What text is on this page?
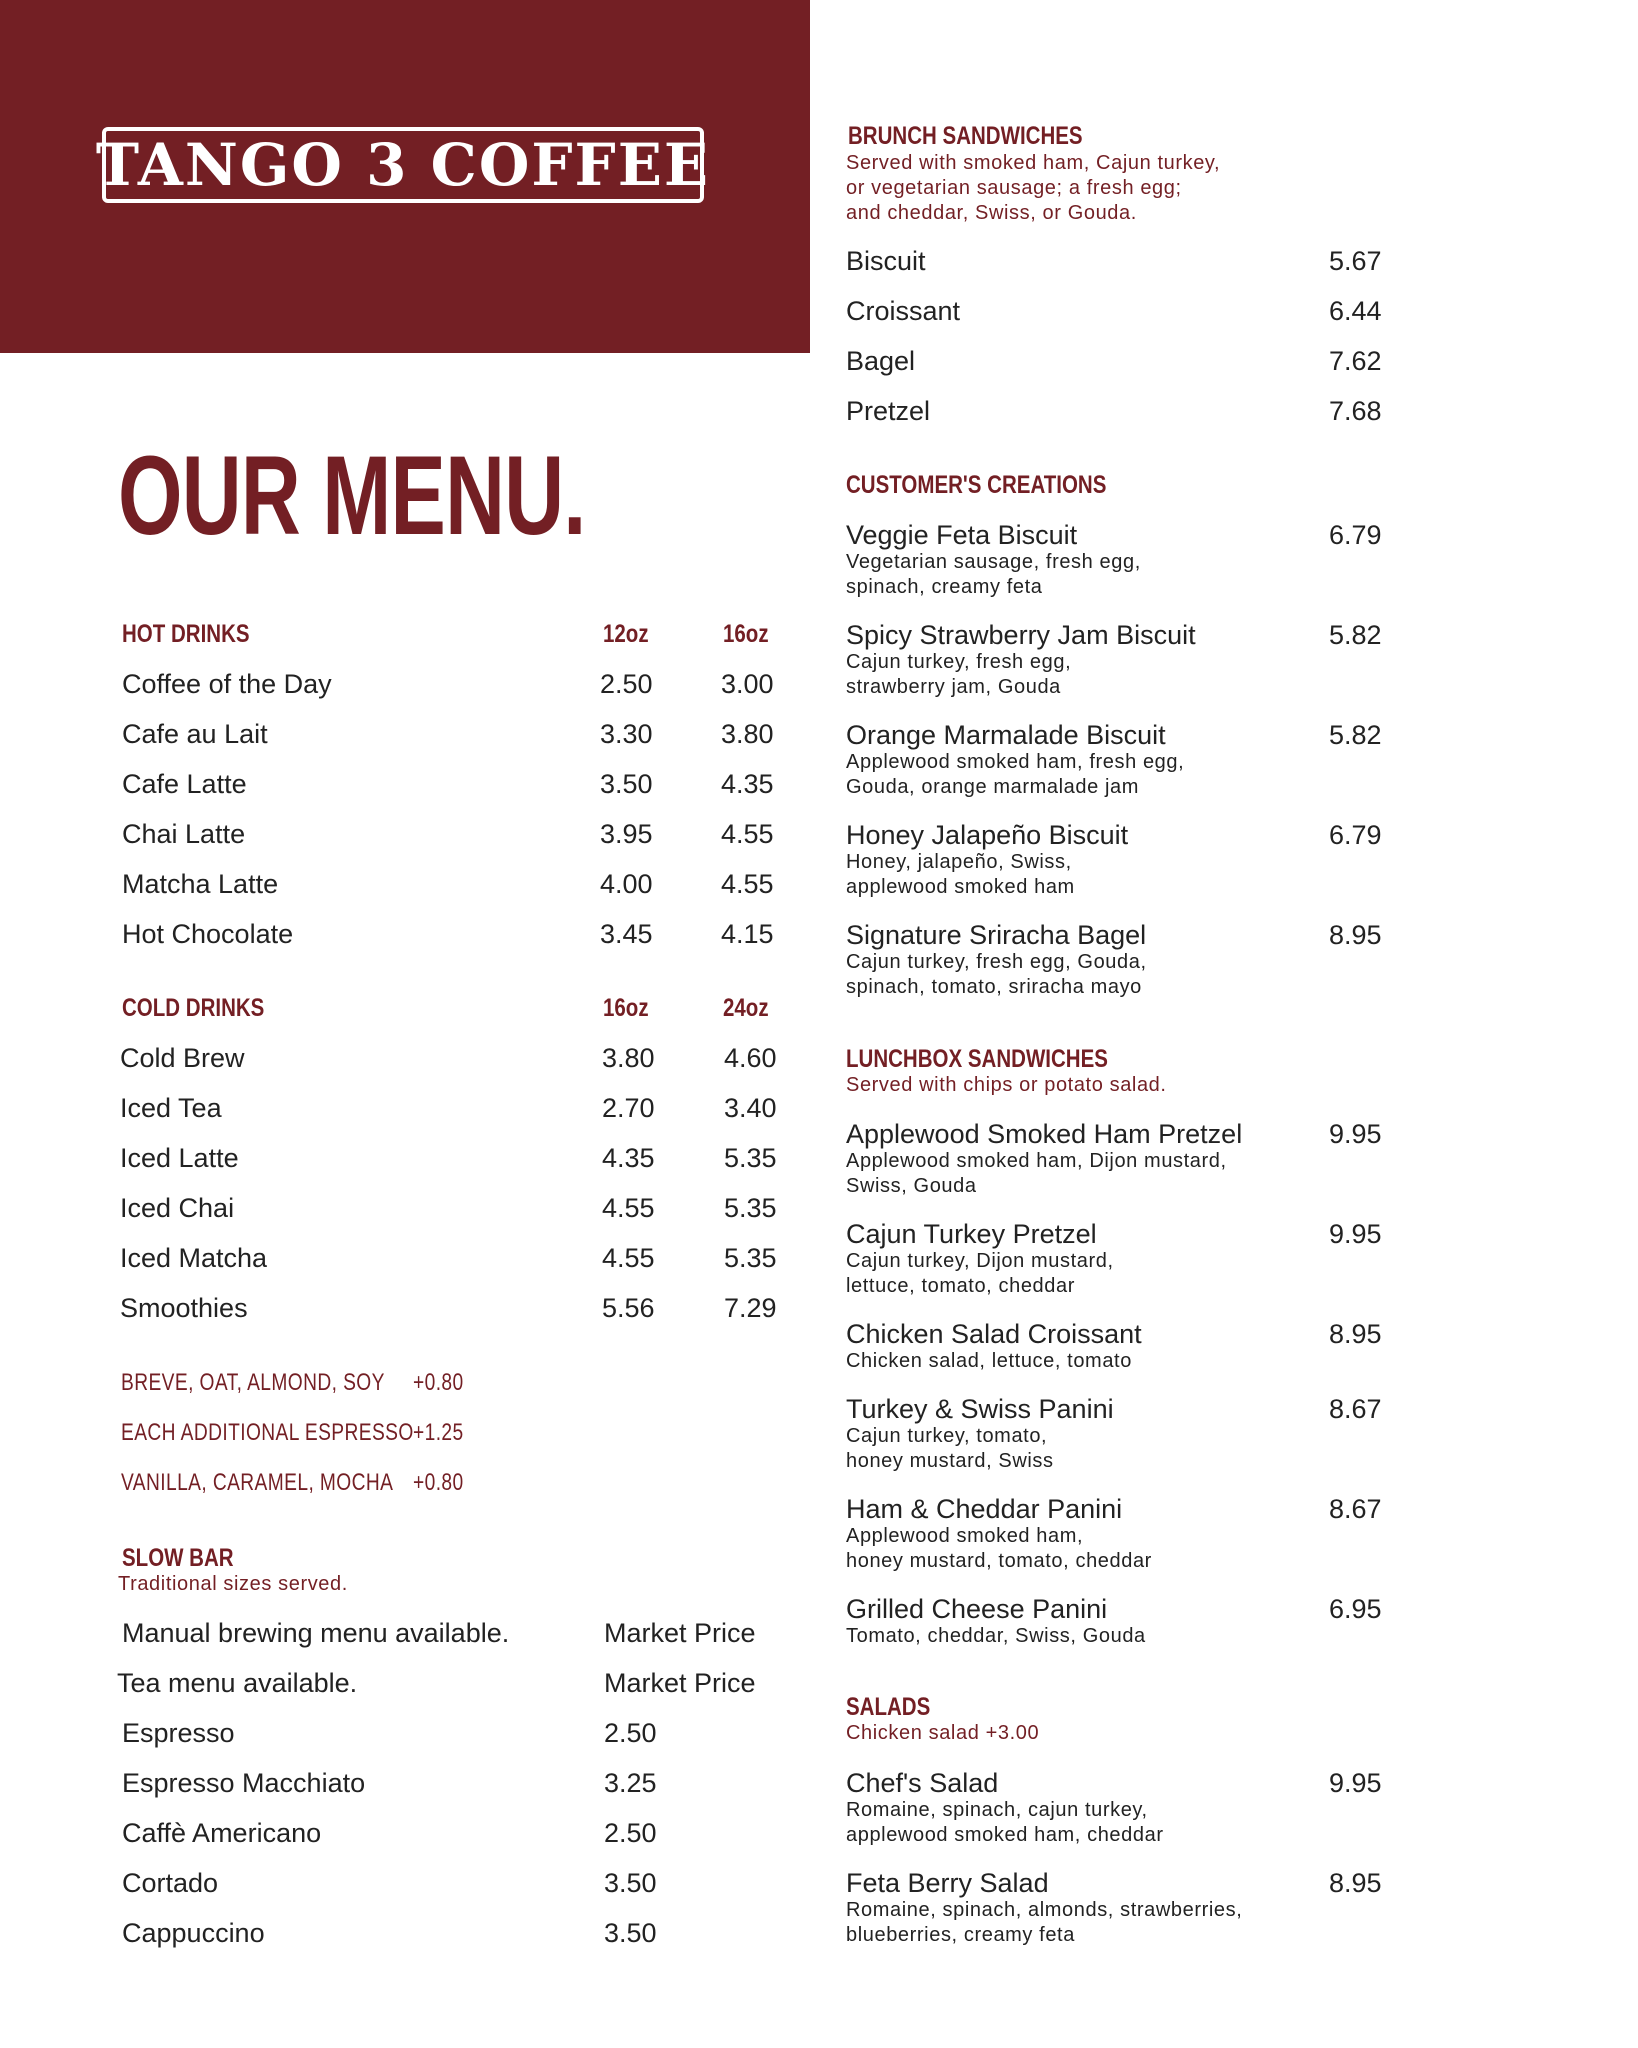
TANGO 3 COFFEE
OUR MENU.
HOT DRINKS	12oz	16oz
Coffee of the Day	2.50	3.00
Cafe au Lait	3.30	3.80
Cafe Latte	3.50	4.35
Chai Latte	3.95	4.55
Matcha Latte	4.00	4.55
Hot Chocolate	3.45	4.15
COLD DRINKS	16oz	24oz
Cold Brew	3.80	4.60
Iced Tea	2.70	3.40
Iced Latte	4.35	5.35
Iced Chai	4.55	5.35
Iced Matcha	4.55	5.35
Smoothies	5.56	7.29
BREVE, OAT, ALMOND, SOY +0.80
EACH ADDITIONAL ESPRESSO +1.25
VANILLA, CARAMEL, MOCHA +0.80
SLOW BAR
Traditional sizes served.
Manual brewing menu available.	Market Price
Tea menu available.	Market Price
Espresso	2.50
Espresso Macchiato	3.25
Caffè Americano	2.50
Cortado	3.50
Cappuccino	3.50
BRUNCH SANDWICHES
Served with smoked ham, Cajun turkey,
or vegetarian sausage; a fresh egg;
and cheddar, Swiss, or Gouda.
Biscuit	5.67
Croissant	6.44
Bagel	7.62
Pretzel	7.68
CUSTOMER'S CREATIONS
Veggie Feta Biscuit	6.79
Vegetarian sausage, fresh egg,
spinach, creamy feta
Spicy Strawberry Jam Biscuit	5.82
Cajun turkey, fresh egg,
strawberry jam, Gouda
Orange Marmalade Biscuit	5.82
Applewood smoked ham, fresh egg,
Gouda, orange marmalade jam
Honey Jalapeño Biscuit	6.79
Honey, jalapeño, Swiss,
applewood smoked ham
Signature Sriracha Bagel	8.95
Cajun turkey, fresh egg, Gouda,
spinach, tomato, sriracha mayo
LUNCHBOX SANDWICHES
Served with chips or potato salad.
Applewood Smoked Ham Pretzel	9.95
Applewood smoked ham, Dijon mustard,
Swiss, Gouda
Cajun Turkey Pretzel	9.95
Cajun turkey, Dijon mustard,
lettuce, tomato, cheddar
Chicken Salad Croissant	8.95
Chicken salad, lettuce, tomato
Turkey & Swiss Panini	8.67
Cajun turkey, tomato,
honey mustard, Swiss
Ham & Cheddar Panini	8.67
Applewood smoked ham,
honey mustard, tomato, cheddar
Grilled Cheese Panini	6.95
Tomato, cheddar, Swiss, Gouda
SALADS
Chicken salad +3.00
Chef's Salad	9.95
Romaine, spinach, cajun turkey,
applewood smoked ham, cheddar
Feta Berry Salad	8.95
Romaine, spinach, almonds, strawberries,
blueberries, creamy feta
